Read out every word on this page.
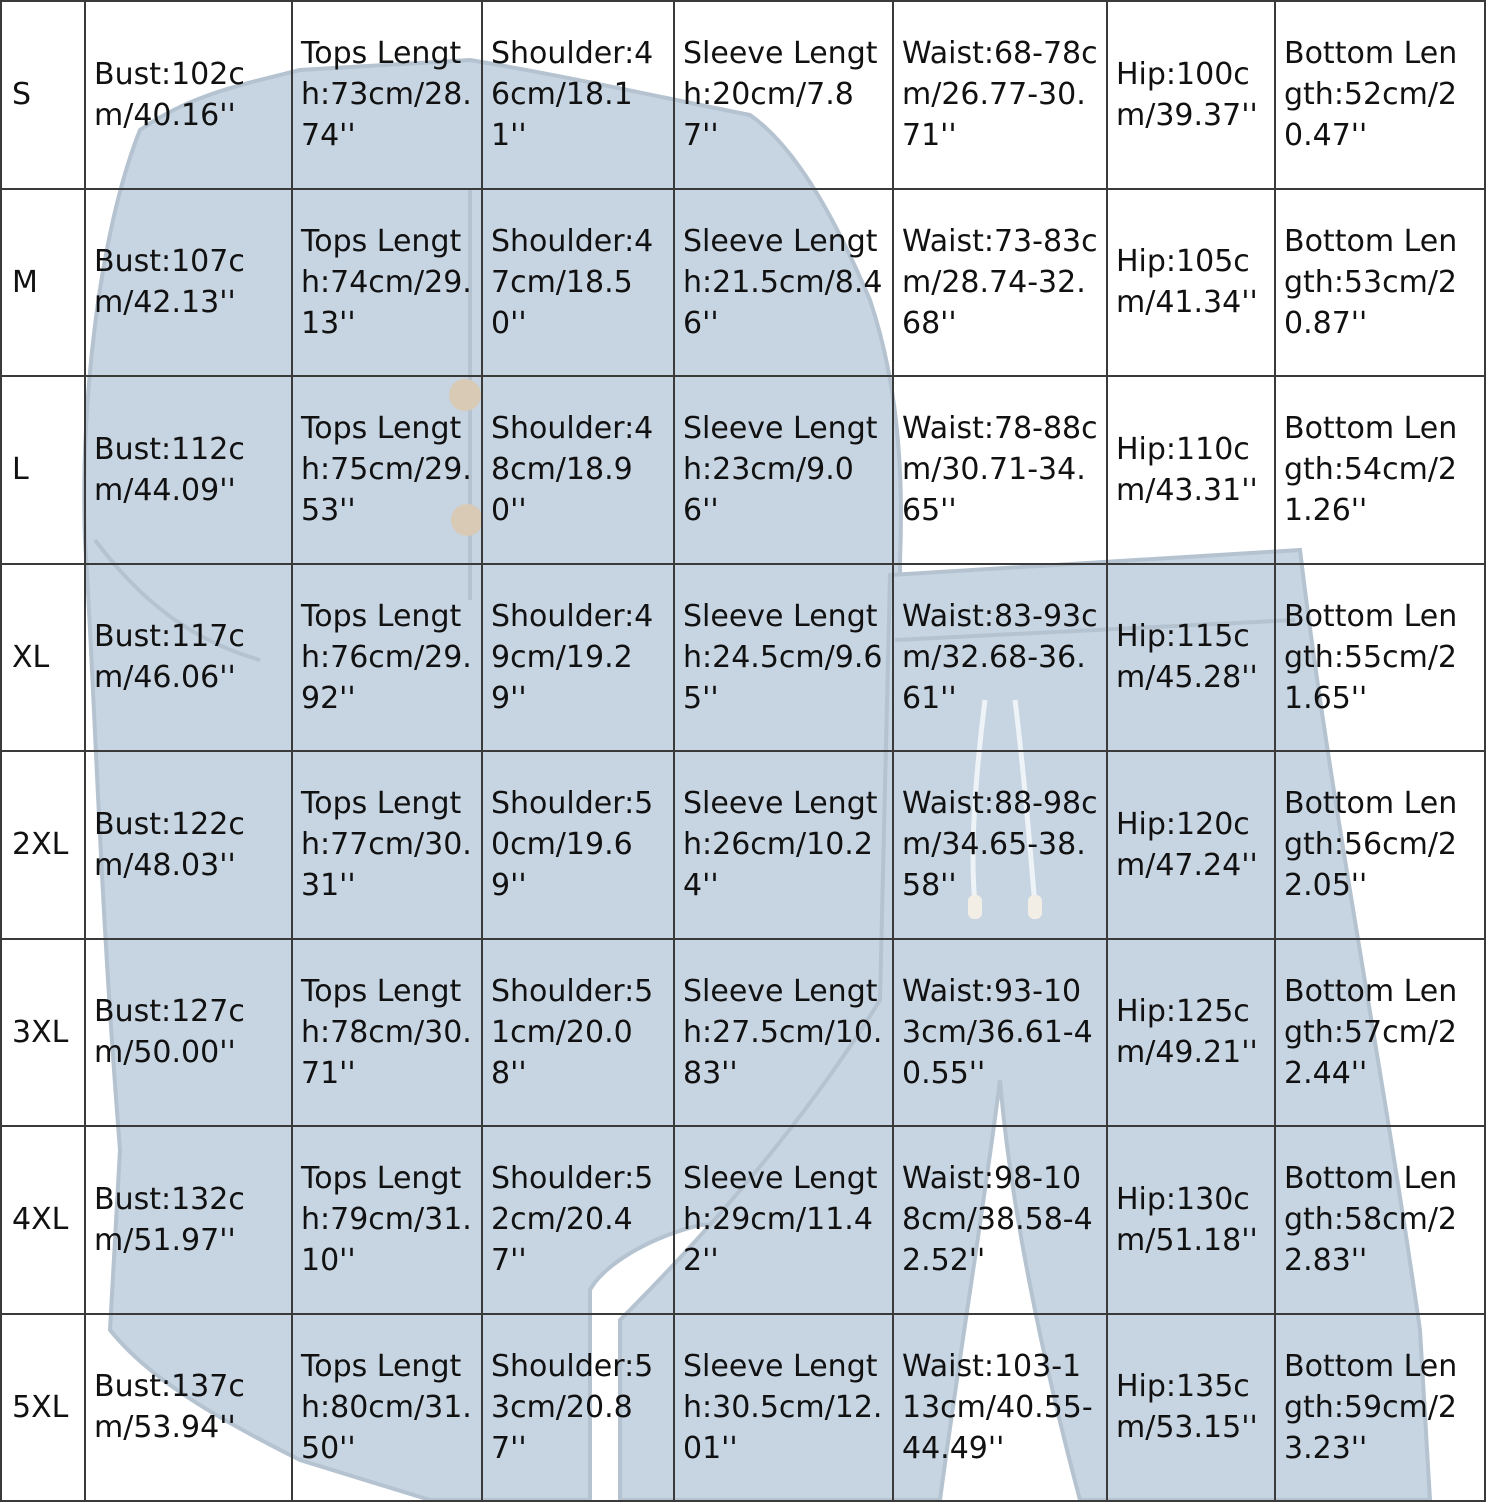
S	Bust:102cm/40.16''	Tops Length:73cm/28.74''	Shoulder:46cm/18.11''	Sleeve Length:20cm/7.87''	Waist:68-78cm/26.77-30.71''	Hip:100cm/39.37''	Bottom Length:52cm/20.47''
M	Bust:107cm/42.13''	Tops Length:74cm/29.13''	Shoulder:47cm/18.50''	Sleeve Length:21.5cm/8.46''	Waist:73-83cm/28.74-32.68''	Hip:105cm/41.34''	Bottom Length:53cm/20.87''
L	Bust:112cm/44.09''	Tops Length:75cm/29.53''	Shoulder:48cm/18.90''	Sleeve Length:23cm/9.06''	Waist:78-88cm/30.71-34.65''	Hip:110cm/43.31''	Bottom Length:54cm/21.26''
XL	Bust:117cm/46.06''	Tops Length:76cm/29.92''	Shoulder:49cm/19.29''	Sleeve Length:24.5cm/9.65''	Waist:83-93cm/32.68-36.61''	Hip:115cm/45.28''	Bottom Length:55cm/21.65''
2XL	Bust:122cm/48.03''	Tops Length:77cm/30.31''	Shoulder:50cm/19.69''	Sleeve Length:26cm/10.24''	Waist:88-98cm/34.65-38.58''	Hip:120cm/47.24''	Bottom Length:56cm/22.05''
3XL	Bust:127cm/50.00''	Tops Length:78cm/30.71''	Shoulder:51cm/20.08''	Sleeve Length:27.5cm/10.83''	Waist:93-103cm/36.61-40.55''	Hip:125cm/49.21''	Bottom Length:57cm/22.44''
4XL	Bust:132cm/51.97''	Tops Length:79cm/31.10''	Shoulder:52cm/20.47''	Sleeve Length:29cm/11.42''	Waist:98-108cm/38.58-42.52''	Hip:130cm/51.18''	Bottom Length:58cm/22.83''
5XL	Bust:137cm/53.94''	Tops Length:80cm/31.50''	Shoulder:53cm/20.87''	Sleeve Length:30.5cm/12.01''	Waist:103-113cm/40.55-44.49''	Hip:135cm/53.15''	Bottom Length:59cm/23.23''
